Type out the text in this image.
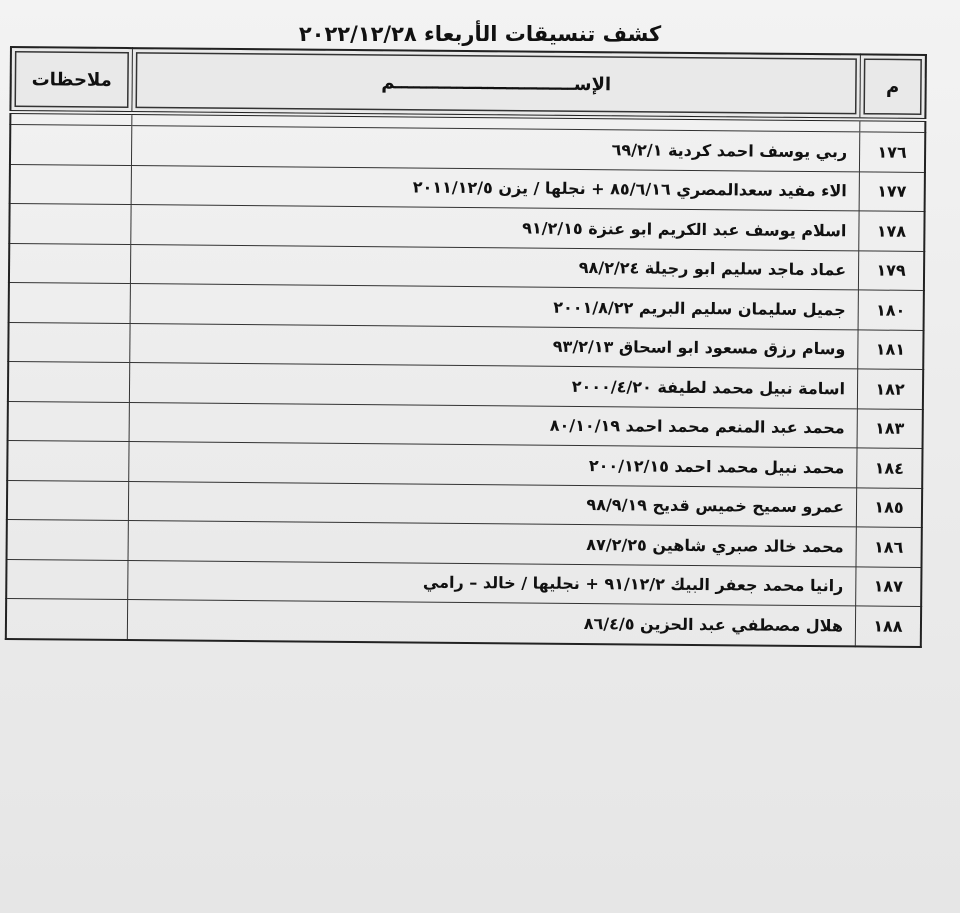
كشف تنسيقات الأربعاء ٢٠٢٢/١٢/٢٨
م	الإســـــــــــــــــــــــــــــم	ملاحظات

١٧٦	ربي يوسف احمد كردية ٦٩/٢/١	
١٧٧	الاء مفيد سعدالمصري ٨٥/٦/١٦ + نجلها / يزن ٢٠١١/١٢/٥	
١٧٨	اسلام يوسف عبد الكريم ابو عنزة ٩١/٢/١٥	
١٧٩	عماد ماجد سليم ابو رجيلة ٩٨/٢/٢٤	
١٨٠	جميل سليمان سليم البريم ٢٠٠١/٨/٢٢	
١٨١	وسام رزق مسعود ابو اسحاق ٩٣/٢/١٣	
١٨٢	اسامة نبيل محمد لطيفة ٢٠٠٠/٤/٢٠	
١٨٣	محمد عبد المنعم محمد احمد ٨٠/١٠/١٩	
١٨٤	محمد نبيل محمد احمد ٢٠٠/١٢/١٥	
١٨٥	عمرو سميح خميس قديح ٩٨/٩/١٩	
١٨٦	محمد خالد صبري شاهين ٨٧/٢/٢٥	
١٨٧	رانيا محمد جعفر البيك ٩١/١٢/٢ + نجليها / خالد – رامي	
١٨٨	هلال مصطفي عبد الحزين ٨٦/٤/٥	
